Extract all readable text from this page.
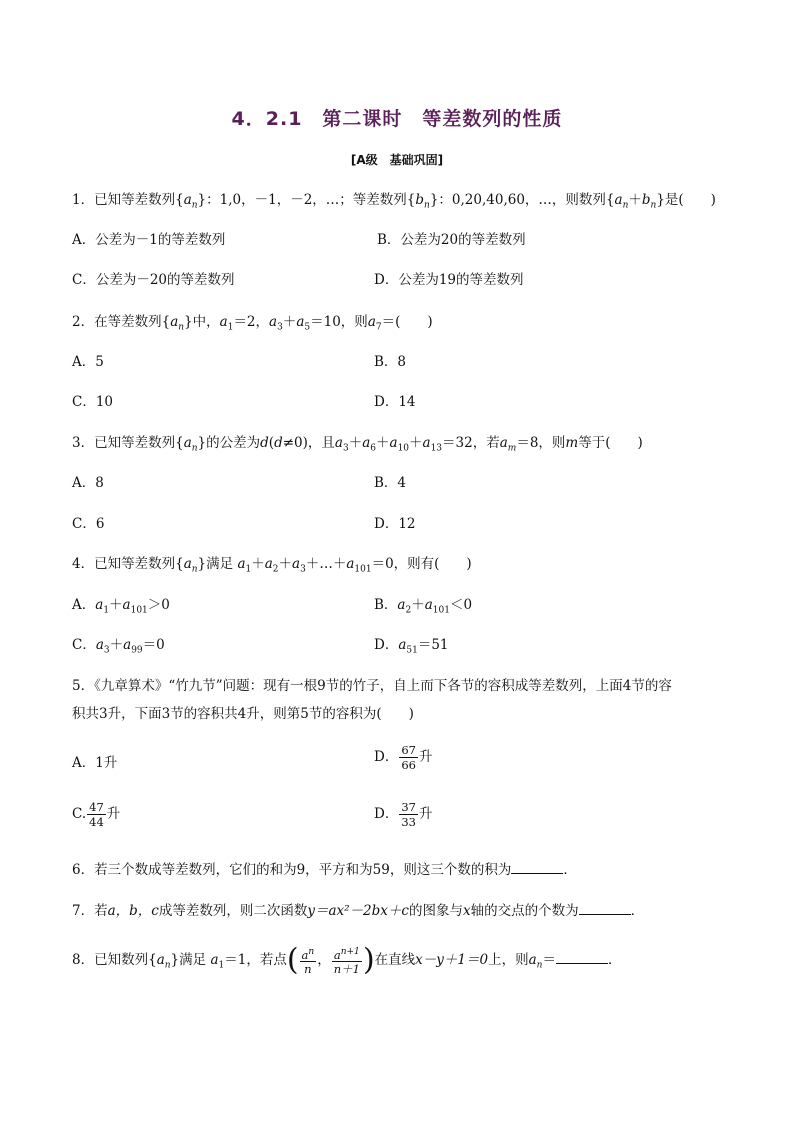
4．2.1　第二课时　等差数列的性质
[A级　基础巩固]
1．已知等差数列$\{a_n\}$：1,0，－1，－2，…；等差数列$\{b_n\}$：0,20,40,60，…，则数列$\{a_n+b_n\}$是(　　)
A．公差为－1的等差数列	B．公差为20的等差数列
C．公差为－20的等差数列	D．公差为19的等差数列
2．在等差数列$\{a_n\}$中，$a_1=2$，$a_3+a_5=10$，则$a_7=$(　　)
A．5	B．8
C．10	D．14
3．已知等差数列$\{a_n\}$的公差为d(d≠0)，且$a_3+a_6+a_{10}+a_{13}=32$，若$a_m=8$，则m等于(　　)
A．8	B．4
C．6	D．12
4．已知等差数列$\{a_n\}$满足 $a_1+a_2+a_3+\dots+a_{101}=0$，则有(　　)
A．$a_1+a_{101}>0$	B．$a_2+a_{101}<0$
C．$a_3+a_{99}=0$	D．$a_{51}=51$
5．《九章算术》“竹九节”问题：现有一根9节的竹子，自上而下各节的容积成等差数列，上面4节的容
积共3升，下面3节的容积共4升，则第5节的容积为(　　)
A．1升	D． $\frac{67}{66}$ 升
C. $\frac{47}{44}$ 升	D． $\frac{37}{33}$ 升
6．若三个数成等差数列，它们的和为9，平方和为59，则这三个数的积为	．
7．若a，b，c成等差数列，则二次函数y＝ax²－2bx＋c的图象与x轴的交点的个数为	．
8．已知数列$\{a_n\}$满足 $a_1=1$，若点( $\frac{a^n}{n}$ ， $\frac{a^{n+1}}{n+1}$ )在直线x－y＋1＝0上，则$a_n=$	．
